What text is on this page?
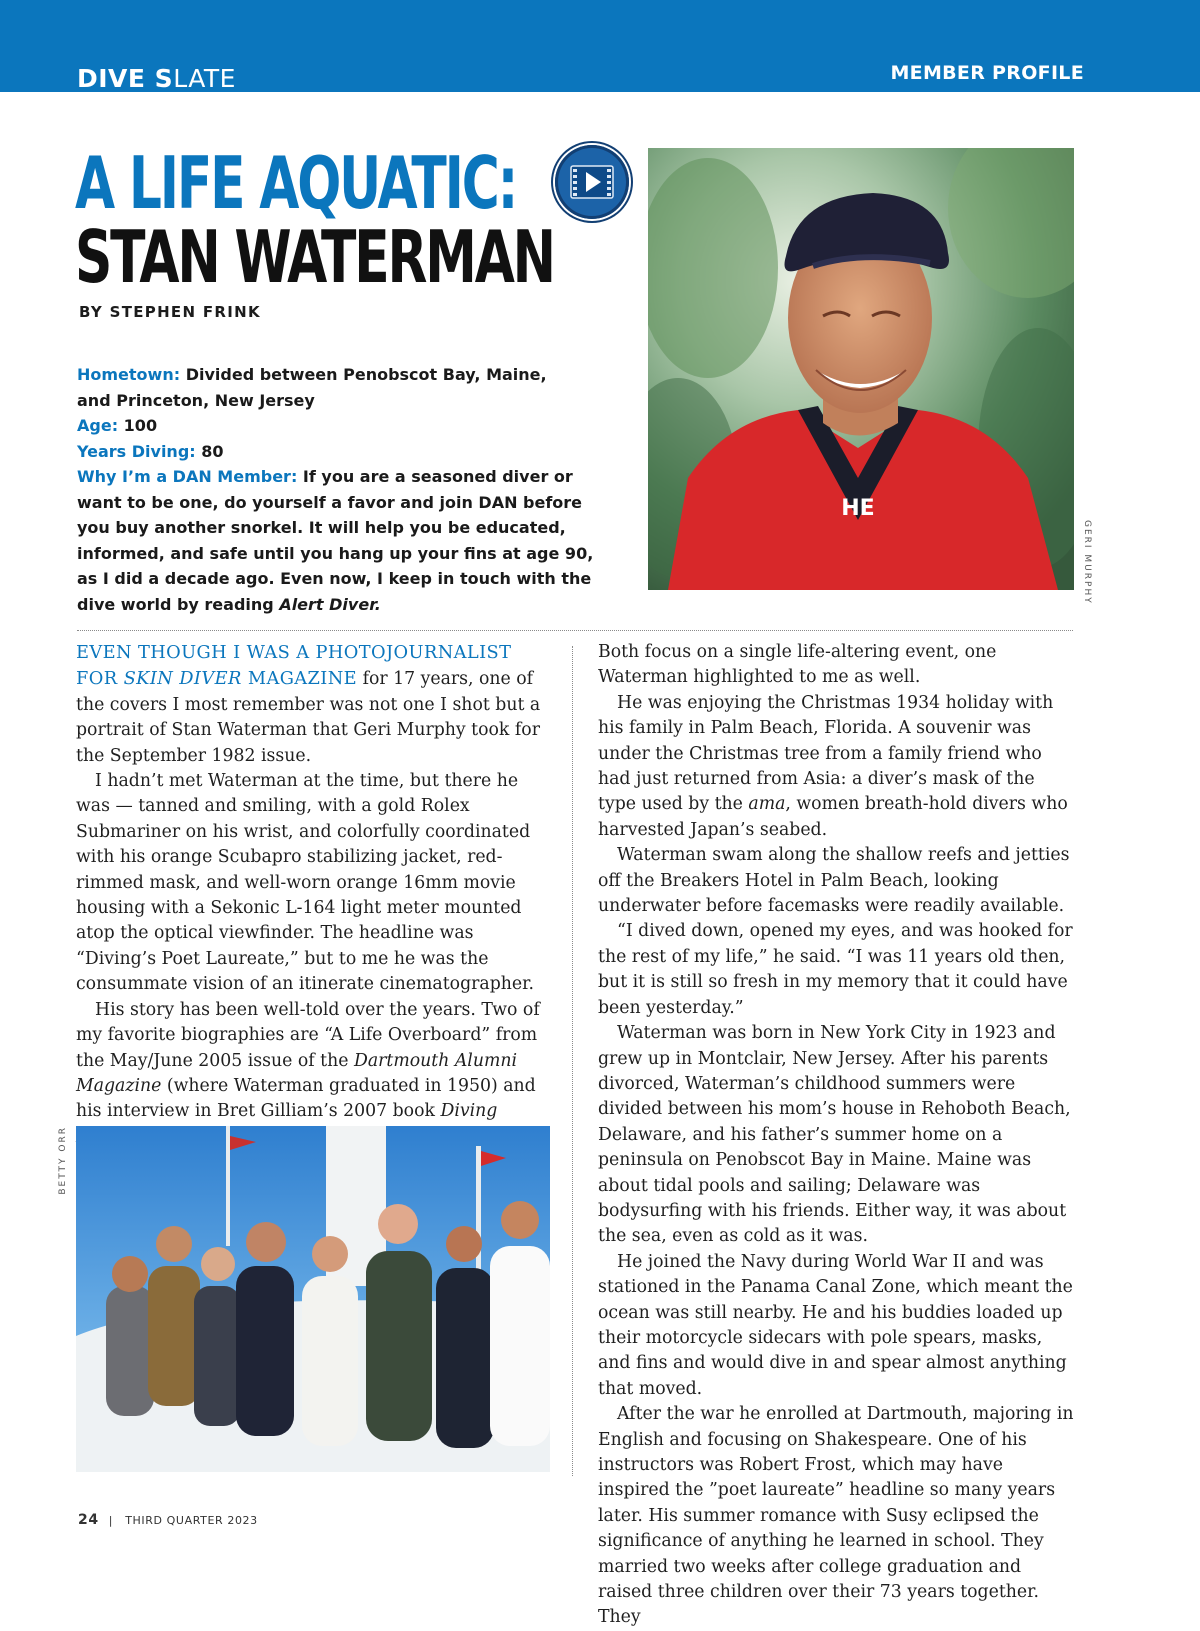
DIVE SLATE	MEMBER PROFILE
A LIFE AQUATIC:
STAN WATERMAN
BY STEPHEN FRINK
HE
GERI MURPHY
Hometown: Divided between Penobscot Bay, Maine,
and Princeton, New Jersey
Age: 100
Years Diving: 80
Why I’m a DAN Member: If you are a seasoned diver or want to be one, do yourself a favor and join DAN before you buy another snorkel. It will help you be educated, informed, and safe until you hang up your fins at age 90, as I did a decade ago. Even now, I keep in touch with the dive world by reading Alert Diver.

EVEN THOUGH I WAS A PHOTOJOURNALIST FOR SKIN DIVER MAGAZINE for 17 years, one of the covers I most remember was not one I shot but a portrait of Stan Waterman that Geri Murphy took for the September 1982 issue.

I hadn’t met Waterman at the time, but there he was — tanned and smiling, with a gold Rolex Submariner on his wrist, and colorfully coordinated with his orange Scubapro stabilizing jacket, red-rimmed mask, and well-worn orange 16mm movie housing with a Sekonic L-164 light meter mounted atop the optical viewfinder. The headline was “Diving’s Poet Laureate,” but to me he was the consummate vision of an itinerate cinematographer.

His story has been well-told over the years. Two of my favorite biographies are “A Life Overboard” from the May/June 2005 issue of the Dartmouth Alumni Magazine (where Waterman graduated in 1950) and his interview in Bret Gilliam’s 2007 book Diving

BETTY ORR

Both focus on a single life-altering event, one Waterman highlighted to me as well.

He was enjoying the Christmas 1934 holiday with his family in Palm Beach, Florida. A souvenir was under the Christmas tree from a family friend who had just returned from Asia: a diver’s mask of the type used by the ama, women breath-hold divers who harvested Japan’s seabed.

Waterman swam along the shallow reefs and jetties off the Breakers Hotel in Palm Beach, looking underwater before facemasks were readily available.

“I dived down, opened my eyes, and was hooked for the rest of my life,” he said. “I was 11 years old then, but it is still so fresh in my memory that it could have been yesterday.”

Waterman was born in New York City in 1923 and grew up in Montclair, New Jersey. After his parents divorced, Waterman’s childhood summers were divided between his mom’s house in Rehoboth Beach, Delaware, and his father’s summer home on a peninsula on Penobscot Bay in Maine. Maine was about tidal pools and sailing; Delaware was bodysurfing with his friends. Either way, it was about the sea, even as cold as it was.

He joined the Navy during World War II and was stationed in the Panama Canal Zone, which meant the ocean was still nearby. He and his buddies loaded up their motorcycle sidecars with pole spears, masks, and fins and would dive in and spear almost anything that moved.

After the war he enrolled at Dartmouth, majoring in English and focusing on Shakespeare. One of his instructors was Robert Frost, which may have inspired the ”poet laureate” headline so many years later. His summer romance with Susy eclipsed the significance of anything he learned in school. They married two weeks after college graduation and raised three children over their 73 years together. They

24 | THIRD QUARTER 2023
